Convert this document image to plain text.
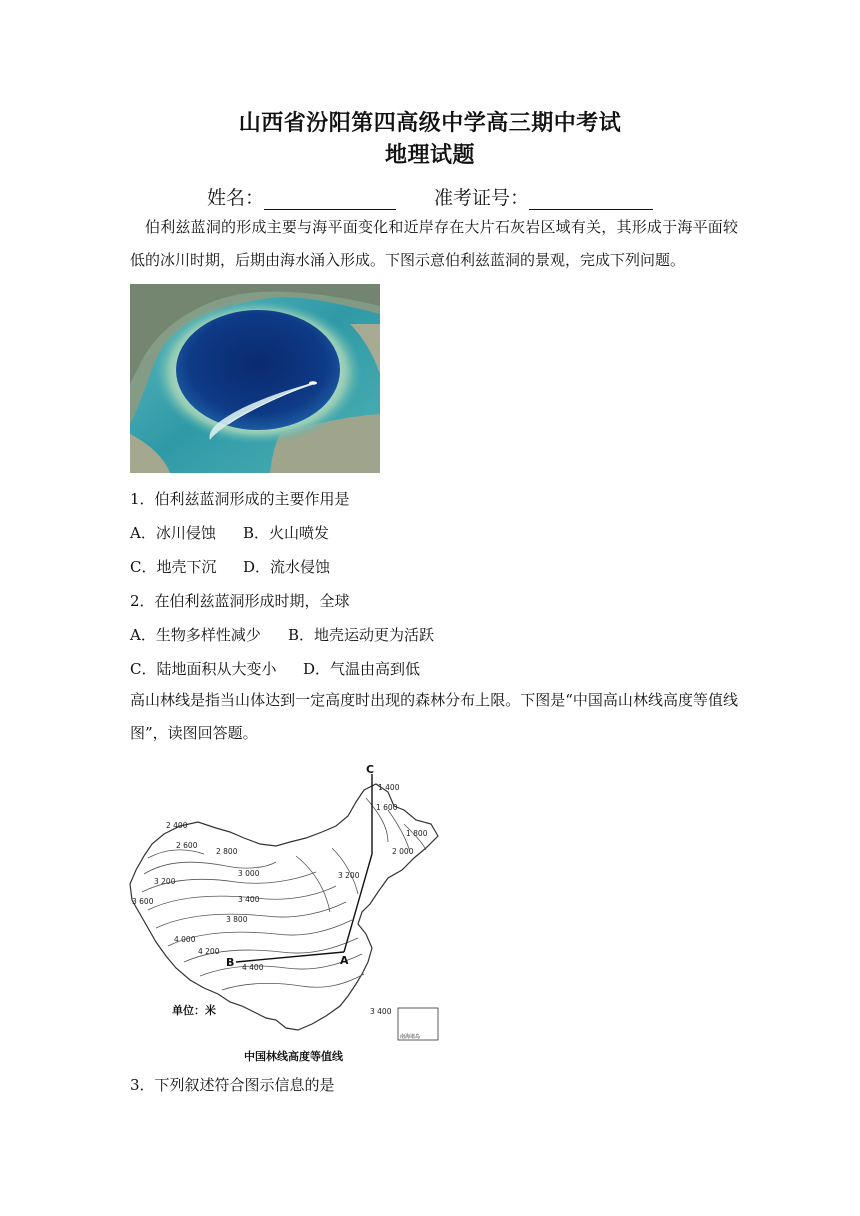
山西省汾阳第四高级中学高三期中考试
地理试题
姓名：	准考证号：
伯利兹蓝洞的形成主要与海平面变化和近岸存在大片石灰岩区域有关，其形成于海平面较低的冰川时期，后期由海水涌入形成。下图示意伯利兹蓝洞的景观，完成下列问题。
1．伯利兹蓝洞形成的主要作用是
A．冰川侵蚀 B．火山喷发
C．地壳下沉 D．流水侵蚀
2．在伯利兹蓝洞形成时期，全球
A．生物多样性减少 B．地壳运动更为活跃
C．陆地面积从大变小 D．气温由高到低
高山林线是指当山体达到一定高度时出现的森林分布上限。下图是“中国高山林线高度等值线图”，读图回答题。
2 400
2 600
2 800
3 000
3 200
3 400
3 600
3 800
4 000
4 200
4 400
1 400
1 600
1 800
2 000
3 200
3 400
C
A
B
单位：米
南海诸岛
中国林线高度等值线
3．下列叙述符合图示信息的是
